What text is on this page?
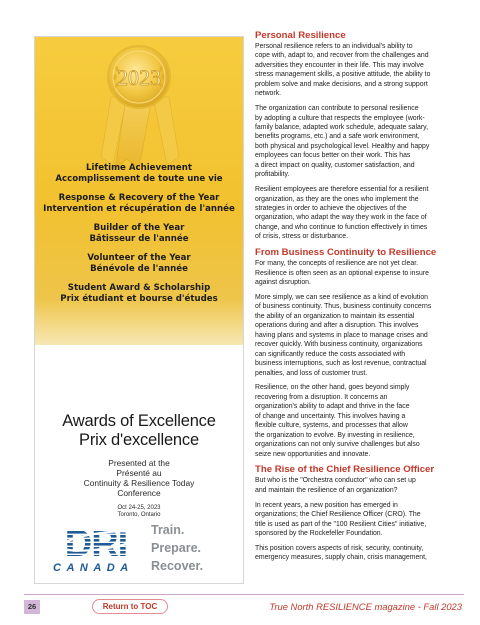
2023
Lifetime Achievement
Accomplissement de toute une vie
Response & Recovery of the Year
Intervention et récupération de l'année
Builder of the Year
Bâtisseur de l'année
Volunteer of the Year
Bénévole de l'année
Student Award & Scholarship
Prix étudiant et bourse d'études
Awards of Excellence
Prix d'excellence
Presented at the
Présenté au
Continuity & Resilience Today
Conference
Oct 24-25, 2023
Toronto, Ontario
DRI
CANADA
Train.
Prepare.
Recover.
Personal Resilience
Personal resilience refers to an individual's ability to
cope with, adapt to, and recover from the challenges and
adversities they encounter in their life. This may involve
stress management skills, a positive attitude, the ability to
problem solve and make decisions, and a strong support
network.
The organization can contribute to personal resilience
by adopting a culture that respects the employee (work-
family balance, adapted work schedule, adequate salary,
benefits programs, etc.) and a safe work environment,
both physical and psychological level. Healthy and happy
employees can focus better on their work. This has
a direct impact on quality, customer satisfaction, and
profitability.
Resilient employees are therefore essential for a resilient
organization, as they are the ones who implement the
strategies in order to achieve the objectives of the
organization, who adapt the way they work in the face of
change, and who continue to function effectively in times
of crisis, stress or disturbance.
From Business Continuity to Resilience
For many, the concepts of resilience are not yet clear.
Resilience is often seen as an optional expense to insure
against disruption.
More simply, we can see resilience as a kind of evolution
of business continuity. Thus, business continuity concerns
the ability of an organization to maintain its essential
operations during and after a disruption. This involves
having plans and systems in place to manage crises and
recover quickly. With business continuity, organizations
can significantly reduce the costs associated with
business interruptions, such as lost revenue, contractual
penalties, and loss of customer trust.
Resilience, on the other hand, goes beyond simply
recovering from a disruption. It concerns an
organization's ability to adapt and thrive in the face
of change and uncertainty. This involves having a
flexible culture, systems, and processes that allow
the organization to evolve. By investing in resilience,
organizations can not only survive challenges but also
seize new opportunities and innovate.
The Rise of the Chief Resilience Officer
But who is the "Orchestra conductor" who can set up
and maintain the resilience of an organization?
In recent years, a new position has emerged in
organizations; the Chief Resilience Officer (CRO). The
title is used as part of the "100 Resilient Cities" initiative,
sponsored by the Rockefeller Foundation.
This position covers aspects of risk, security, continuity,
emergency measures, supply chain, crisis management,
26	Return to TOC	True North RESILIENCE magazine - Fall 2023
